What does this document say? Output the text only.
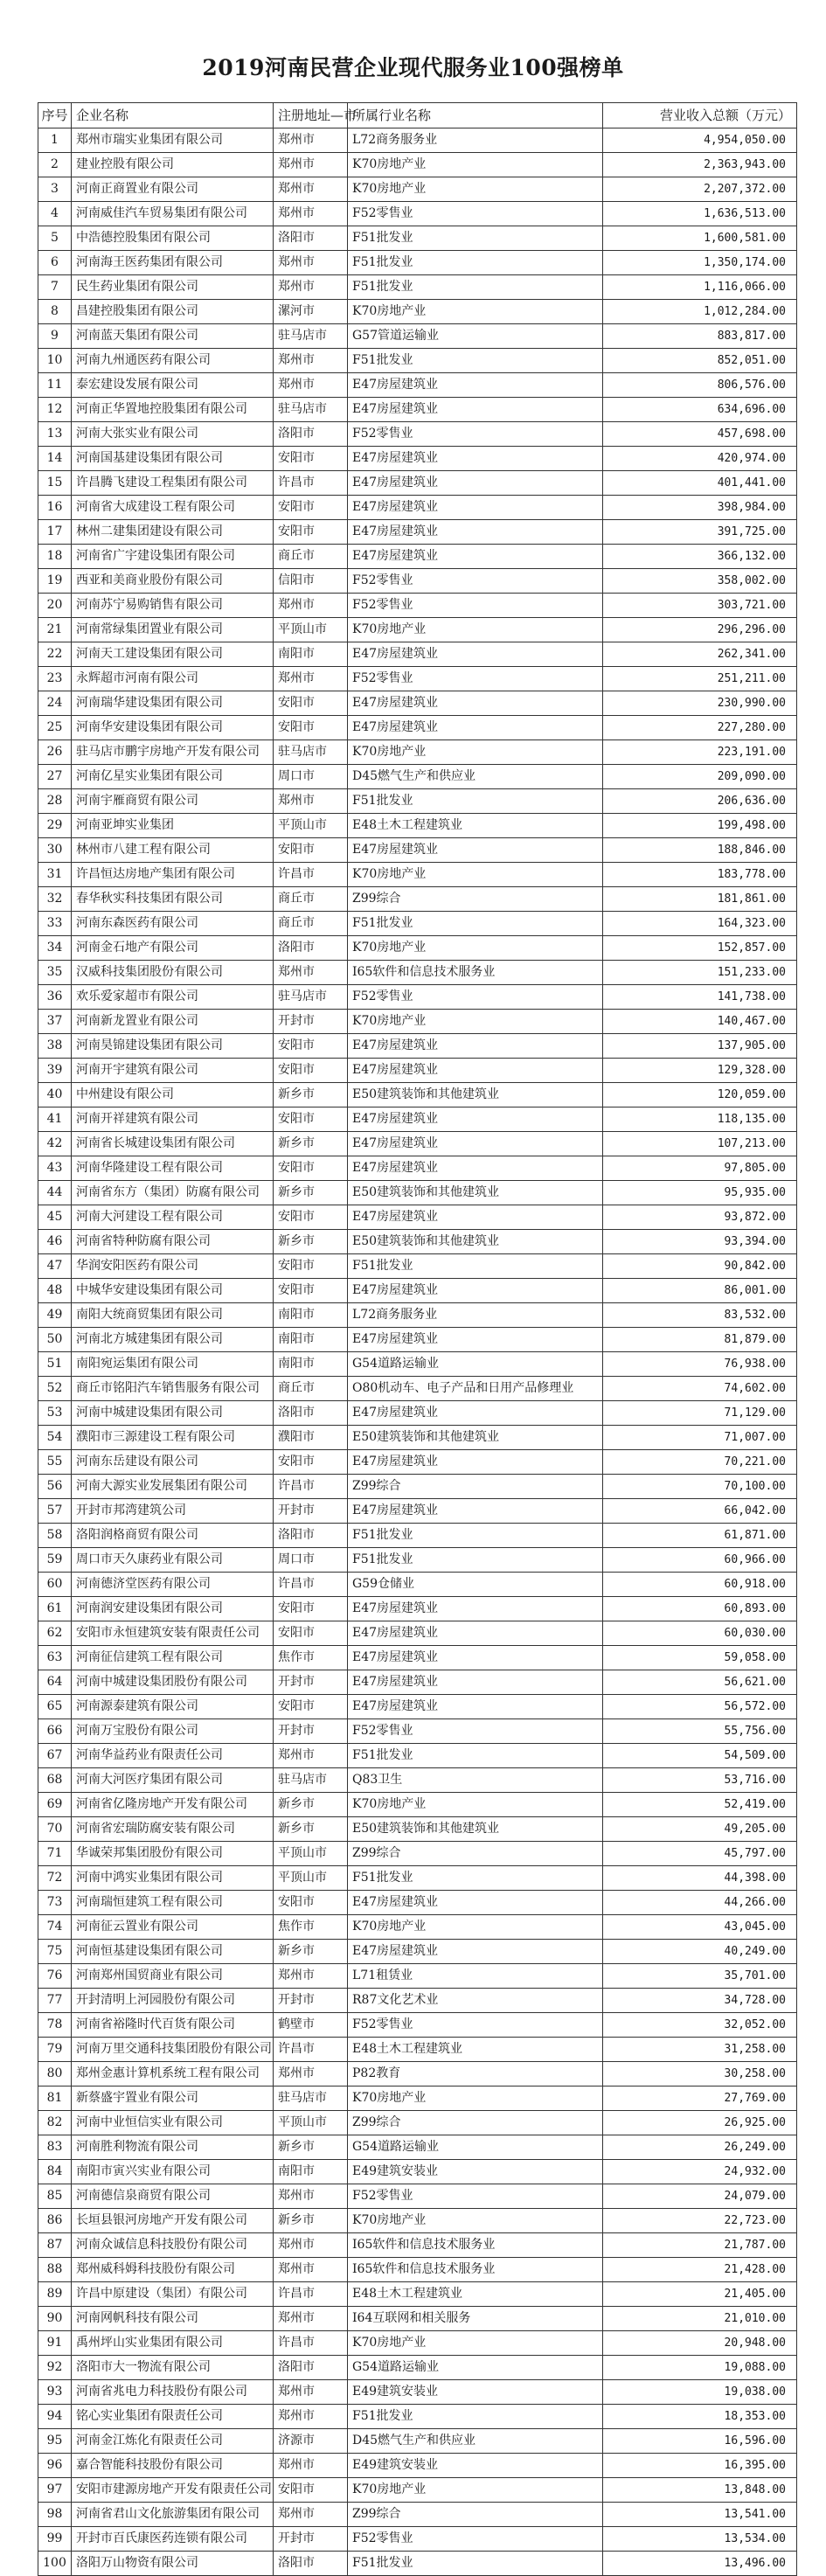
2019河南民营企业现代服务业100强榜单
序号	企业名称	注册地址—市	所属行业名称	营业收入总额（万元）
1	郑州市瑞实业集团有限公司	郑州市	L72商务服务业	4,954,050.00
2	建业控股有限公司	郑州市	K70房地产业	2,363,943.00
3	河南正商置业有限公司	郑州市	K70房地产业	2,207,372.00
4	河南威佳汽车贸易集团有限公司	郑州市	F52零售业	1,636,513.00
5	中浩德控股集团有限公司	洛阳市	F51批发业	1,600,581.00
6	河南海王医药集团有限公司	郑州市	F51批发业	1,350,174.00
7	民生药业集团有限公司	郑州市	F51批发业	1,116,066.00
8	昌建控股集团有限公司	漯河市	K70房地产业	1,012,284.00
9	河南蓝天集团有限公司	驻马店市	G57管道运输业	883,817.00
10	河南九州通医药有限公司	郑州市	F51批发业	852,051.00
11	泰宏建设发展有限公司	郑州市	E47房屋建筑业	806,576.00
12	河南正华置地控股集团有限公司	驻马店市	E47房屋建筑业	634,696.00
13	河南大张实业有限公司	洛阳市	F52零售业	457,698.00
14	河南国基建设集团有限公司	安阳市	E47房屋建筑业	420,974.00
15	许昌腾飞建设工程集团有限公司	许昌市	E47房屋建筑业	401,441.00
16	河南省大成建设工程有限公司	安阳市	E47房屋建筑业	398,984.00
17	林州二建集团建设有限公司	安阳市	E47房屋建筑业	391,725.00
18	河南省广宇建设集团有限公司	商丘市	E47房屋建筑业	366,132.00
19	西亚和美商业股份有限公司	信阳市	F52零售业	358,002.00
20	河南苏宁易购销售有限公司	郑州市	F52零售业	303,721.00
21	河南常绿集团置业有限公司	平顶山市	K70房地产业	296,296.00
22	河南天工建设集团有限公司	南阳市	E47房屋建筑业	262,341.00
23	永辉超市河南有限公司	郑州市	F52零售业	251,211.00
24	河南瑞华建设集团有限公司	安阳市	E47房屋建筑业	230,990.00
25	河南华安建设集团有限公司	安阳市	E47房屋建筑业	227,280.00
26	驻马店市鹏宇房地产开发有限公司	驻马店市	K70房地产业	223,191.00
27	河南亿星实业集团有限公司	周口市	D45燃气生产和供应业	209,090.00
28	河南宇雁商贸有限公司	郑州市	F51批发业	206,636.00
29	河南亚坤实业集团	平顶山市	E48土木工程建筑业	199,498.00
30	林州市八建工程有限公司	安阳市	E47房屋建筑业	188,846.00
31	许昌恒达房地产集团有限公司	许昌市	K70房地产业	183,778.00
32	春华秋实科技集团有限公司	商丘市	Z99综合	181,861.00
33	河南东森医药有限公司	商丘市	F51批发业	164,323.00
34	河南金石地产有限公司	洛阳市	K70房地产业	152,857.00
35	汉威科技集团股份有限公司	郑州市	I65软件和信息技术服务业	151,233.00
36	欢乐爱家超市有限公司	驻马店市	F52零售业	141,738.00
37	河南新龙置业有限公司	开封市	K70房地产业	140,467.00
38	河南昊锦建设集团有限公司	安阳市	E47房屋建筑业	137,905.00
39	河南开宇建筑有限公司	安阳市	E47房屋建筑业	129,328.00
40	中州建设有限公司	新乡市	E50建筑装饰和其他建筑业	120,059.00
41	河南开祥建筑有限公司	安阳市	E47房屋建筑业	118,135.00
42	河南省长城建设集团有限公司	新乡市	E47房屋建筑业	107,213.00
43	河南华隆建设工程有限公司	安阳市	E47房屋建筑业	97,805.00
44	河南省东方（集团）防腐有限公司	新乡市	E50建筑装饰和其他建筑业	95,935.00
45	河南大河建设工程有限公司	安阳市	E47房屋建筑业	93,872.00
46	河南省特种防腐有限公司	新乡市	E50建筑装饰和其他建筑业	93,394.00
47	华润安阳医药有限公司	安阳市	F51批发业	90,842.00
48	中城华安建设集团有限公司	安阳市	E47房屋建筑业	86,001.00
49	南阳大统商贸集团有限公司	南阳市	L72商务服务业	83,532.00
50	河南北方城建集团有限公司	南阳市	E47房屋建筑业	81,879.00
51	南阳宛运集团有限公司	南阳市	G54道路运输业	76,938.00
52	商丘市铭阳汽车销售服务有限公司	商丘市	O80机动车、电子产品和日用产品修理业	74,602.00
53	河南中城建设集团有限公司	洛阳市	E47房屋建筑业	71,129.00
54	濮阳市三源建设工程有限公司	濮阳市	E50建筑装饰和其他建筑业	71,007.00
55	河南东岳建设有限公司	安阳市	E47房屋建筑业	70,221.00
56	河南大源实业发展集团有限公司	许昌市	Z99综合	70,100.00
57	开封市邦湾建筑公司	开封市	E47房屋建筑业	66,042.00
58	洛阳润格商贸有限公司	洛阳市	F51批发业	61,871.00
59	周口市天久康药业有限公司	周口市	F51批发业	60,966.00
60	河南德济堂医药有限公司	许昌市	G59仓储业	60,918.00
61	河南润安建设集团有限公司	安阳市	E47房屋建筑业	60,893.00
62	安阳市永恒建筑安装有限责任公司	安阳市	E47房屋建筑业	60,030.00
63	河南征信建筑工程有限公司	焦作市	E47房屋建筑业	59,058.00
64	河南中城建设集团股份有限公司	开封市	E47房屋建筑业	56,621.00
65	河南源泰建筑有限公司	安阳市	E47房屋建筑业	56,572.00
66	河南万宝股份有限公司	开封市	F52零售业	55,756.00
67	河南华益药业有限责任公司	郑州市	F51批发业	54,509.00
68	河南大河医疗集团有限公司	驻马店市	Q83卫生	53,716.00
69	河南省亿隆房地产开发有限公司	新乡市	K70房地产业	52,419.00
70	河南省宏瑞防腐安装有限公司	新乡市	E50建筑装饰和其他建筑业	49,205.00
71	华诚荣邦集团股份有限公司	平顶山市	Z99综合	45,797.00
72	河南中鸿实业集团有限公司	平顶山市	F51批发业	44,398.00
73	河南瑞恒建筑工程有限公司	安阳市	E47房屋建筑业	44,266.00
74	河南征云置业有限公司	焦作市	K70房地产业	43,045.00
75	河南恒基建设集团有限公司	新乡市	E47房屋建筑业	40,249.00
76	河南郑州国贸商业有限公司	郑州市	L71租赁业	35,701.00
77	开封清明上河园股份有限公司	开封市	R87文化艺术业	34,728.00
78	河南省裕隆时代百货有限公司	鹤壁市	F52零售业	32,052.00
79	河南万里交通科技集团股份有限公司	许昌市	E48土木工程建筑业	31,258.00
80	郑州金惠计算机系统工程有限公司	郑州市	P82教育	30,258.00
81	新蔡盛宇置业有限公司	驻马店市	K70房地产业	27,769.00
82	河南中业恒信实业有限公司	平顶山市	Z99综合	26,925.00
83	河南胜利物流有限公司	新乡市	G54道路运输业	26,249.00
84	南阳市寅兴实业有限公司	南阳市	E49建筑安装业	24,932.00
85	河南德信泉商贸有限公司	郑州市	F52零售业	24,079.00
86	长垣县银河房地产开发有限公司	新乡市	K70房地产业	22,723.00
87	河南众诚信息科技股份有限公司	郑州市	I65软件和信息技术服务业	21,787.00
88	郑州威科姆科技股份有限公司	郑州市	I65软件和信息技术服务业	21,428.00
89	许昌中原建设（集团）有限公司	许昌市	E48土木工程建筑业	21,405.00
90	河南网帆科技有限公司	郑州市	I64互联网和相关服务	21,010.00
91	禹州坪山实业集团有限公司	许昌市	K70房地产业	20,948.00
92	洛阳市大一物流有限公司	洛阳市	G54道路运输业	19,088.00
93	河南省兆电力科技股份有限公司	郑州市	E49建筑安装业	19,038.00
94	铭心实业集团有限责任公司	郑州市	F51批发业	18,353.00
95	河南金江炼化有限责任公司	济源市	D45燃气生产和供应业	16,596.00
96	嘉合智能科技股份有限公司	郑州市	E49建筑安装业	16,395.00
97	安阳市建源房地产开发有限责任公司	安阳市	K70房地产业	13,848.00
98	河南省君山文化旅游集团有限公司	郑州市	Z99综合	13,541.00
99	开封市百氏康医药连锁有限公司	开封市	F52零售业	13,534.00
100	洛阳万山物资有限公司	洛阳市	F51批发业	13,496.00
